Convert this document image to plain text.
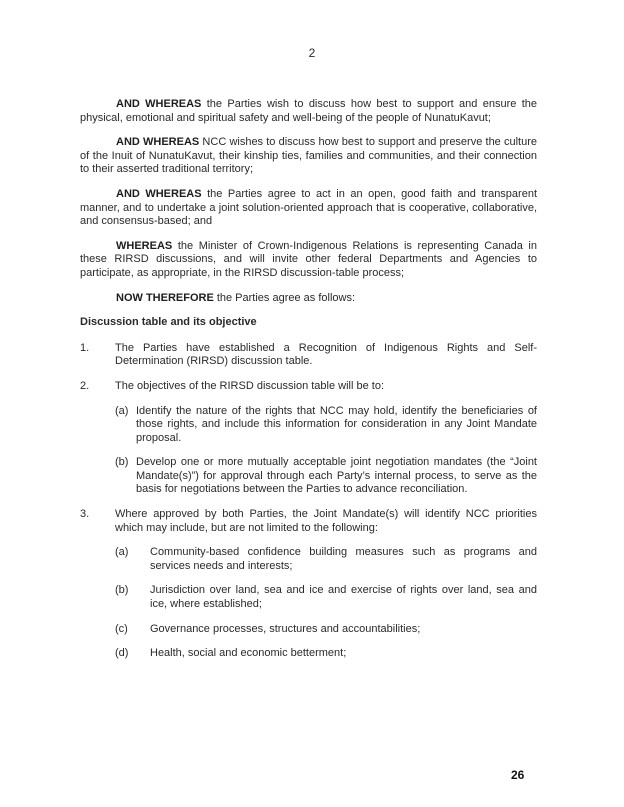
2

AND WHEREAS the Parties wish to discuss how best to support and ensure the physical, emotional and spiritual safety and well-being of the people of NunatuKavut;

AND WHEREAS NCC wishes to discuss how best to support and preserve the culture of the Inuit of NunatuKavut, their kinship ties, families and communities, and their connection to their asserted traditional territory;

AND WHEREAS the Parties agree to act in an open, good faith and transparent manner, and to undertake a joint solution-oriented approach that is cooperative, collaborative, and consensus-based; and

WHEREAS the Minister of Crown-Indigenous Relations is representing Canada in these RIRSD discussions, and will invite other federal Departments and Agencies to participate, as appropriate, in the RIRSD discussion-table process;

NOW THEREFORE the Parties agree as follows:

Discussion table and its objective
1.	The Parties have established a Recognition of Indigenous Rights and Self-Determination (RIRSD) discussion table.
2.	The objectives of the RIRSD discussion table will be to:
(a) Identify the nature of the rights that NCC may hold, identify the beneficiaries of those rights, and include this information for consideration in any Joint Mandate proposal.
(b) Develop one or more mutually acceptable joint negotiation mandates (the “Joint Mandate(s)”) for approval through each Party’s internal process, to serve as the basis for negotiations between the Parties to advance reconciliation.
3.	Where approved by both Parties, the Joint Mandate(s) will identify NCC priorities which may include, but are not limited to the following:
(a)	Community-based confidence building measures such as programs and services needs and interests;
(b)	Jurisdiction over land, sea and ice and exercise of rights over land, sea and ice, where established;
(c)	Governance processes, structures and accountabilities;
(d)	Health, social and economic betterment;
26
